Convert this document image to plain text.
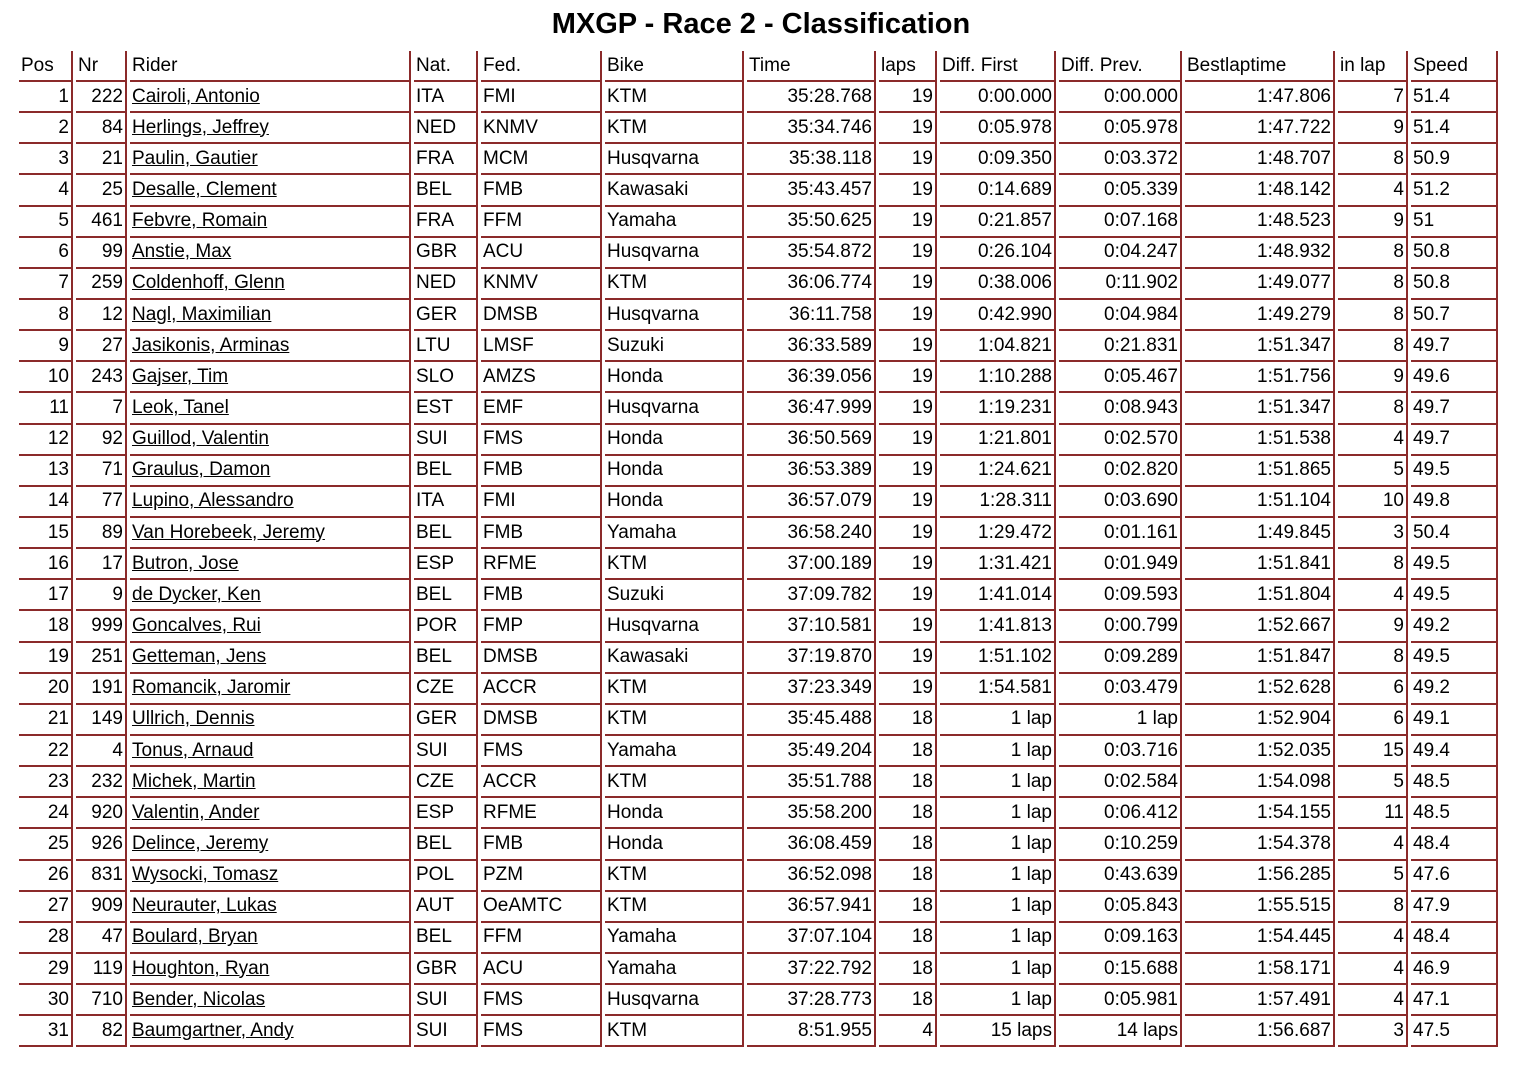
MXGP - Race 2 - Classification
Pos	Nr	Rider	Nat.	Fed.	Bike	Time	laps	Diff. First	Diff. Prev.	Bestlaptime	in lap	Speed
1	222	Cairoli, Antonio	ITA	FMI	KTM	35:28.768	19	0:00.000	0:00.000	1:47.806	7	51.4
2	84	Herlings, Jeffrey	NED	KNMV	KTM	35:34.746	19	0:05.978	0:05.978	1:47.722	9	51.4
3	21	Paulin, Gautier	FRA	MCM	Husqvarna	35:38.118	19	0:09.350	0:03.372	1:48.707	8	50.9
4	25	Desalle, Clement	BEL	FMB	Kawasaki	35:43.457	19	0:14.689	0:05.339	1:48.142	4	51.2
5	461	Febvre, Romain	FRA	FFM	Yamaha	35:50.625	19	0:21.857	0:07.168	1:48.523	9	51
6	99	Anstie, Max	GBR	ACU	Husqvarna	35:54.872	19	0:26.104	0:04.247	1:48.932	8	50.8
7	259	Coldenhoff, Glenn	NED	KNMV	KTM	36:06.774	19	0:38.006	0:11.902	1:49.077	8	50.8
8	12	Nagl, Maximilian	GER	DMSB	Husqvarna	36:11.758	19	0:42.990	0:04.984	1:49.279	8	50.7
9	27	Jasikonis, Arminas	LTU	LMSF	Suzuki	36:33.589	19	1:04.821	0:21.831	1:51.347	8	49.7
10	243	Gajser, Tim	SLO	AMZS	Honda	36:39.056	19	1:10.288	0:05.467	1:51.756	9	49.6
11	7	Leok, Tanel	EST	EMF	Husqvarna	36:47.999	19	1:19.231	0:08.943	1:51.347	8	49.7
12	92	Guillod, Valentin	SUI	FMS	Honda	36:50.569	19	1:21.801	0:02.570	1:51.538	4	49.7
13	71	Graulus, Damon	BEL	FMB	Honda	36:53.389	19	1:24.621	0:02.820	1:51.865	5	49.5
14	77	Lupino, Alessandro	ITA	FMI	Honda	36:57.079	19	1:28.311	0:03.690	1:51.104	10	49.8
15	89	Van Horebeek, Jeremy	BEL	FMB	Yamaha	36:58.240	19	1:29.472	0:01.161	1:49.845	3	50.4
16	17	Butron, Jose	ESP	RFME	KTM	37:00.189	19	1:31.421	0:01.949	1:51.841	8	49.5
17	9	de Dycker, Ken	BEL	FMB	Suzuki	37:09.782	19	1:41.014	0:09.593	1:51.804	4	49.5
18	999	Goncalves, Rui	POR	FMP	Husqvarna	37:10.581	19	1:41.813	0:00.799	1:52.667	9	49.2
19	251	Getteman, Jens	BEL	DMSB	Kawasaki	37:19.870	19	1:51.102	0:09.289	1:51.847	8	49.5
20	191	Romancik, Jaromir	CZE	ACCR	KTM	37:23.349	19	1:54.581	0:03.479	1:52.628	6	49.2
21	149	Ullrich, Dennis	GER	DMSB	KTM	35:45.488	18	1 lap	1 lap	1:52.904	6	49.1
22	4	Tonus, Arnaud	SUI	FMS	Yamaha	35:49.204	18	1 lap	0:03.716	1:52.035	15	49.4
23	232	Michek, Martin	CZE	ACCR	KTM	35:51.788	18	1 lap	0:02.584	1:54.098	5	48.5
24	920	Valentin, Ander	ESP	RFME	Honda	35:58.200	18	1 lap	0:06.412	1:54.155	11	48.5
25	926	Delince, Jeremy	BEL	FMB	Honda	36:08.459	18	1 lap	0:10.259	1:54.378	4	48.4
26	831	Wysocki, Tomasz	POL	PZM	KTM	36:52.098	18	1 lap	0:43.639	1:56.285	5	47.6
27	909	Neurauter, Lukas	AUT	OeAMTC	KTM	36:57.941	18	1 lap	0:05.843	1:55.515	8	47.9
28	47	Boulard, Bryan	BEL	FFM	Yamaha	37:07.104	18	1 lap	0:09.163	1:54.445	4	48.4
29	119	Houghton, Ryan	GBR	ACU	Yamaha	37:22.792	18	1 lap	0:15.688	1:58.171	4	46.9
30	710	Bender, Nicolas	SUI	FMS	Husqvarna	37:28.773	18	1 lap	0:05.981	1:57.491	4	47.1
31	82	Baumgartner, Andy	SUI	FMS	KTM	8:51.955	4	15 laps	14 laps	1:56.687	3	47.5
